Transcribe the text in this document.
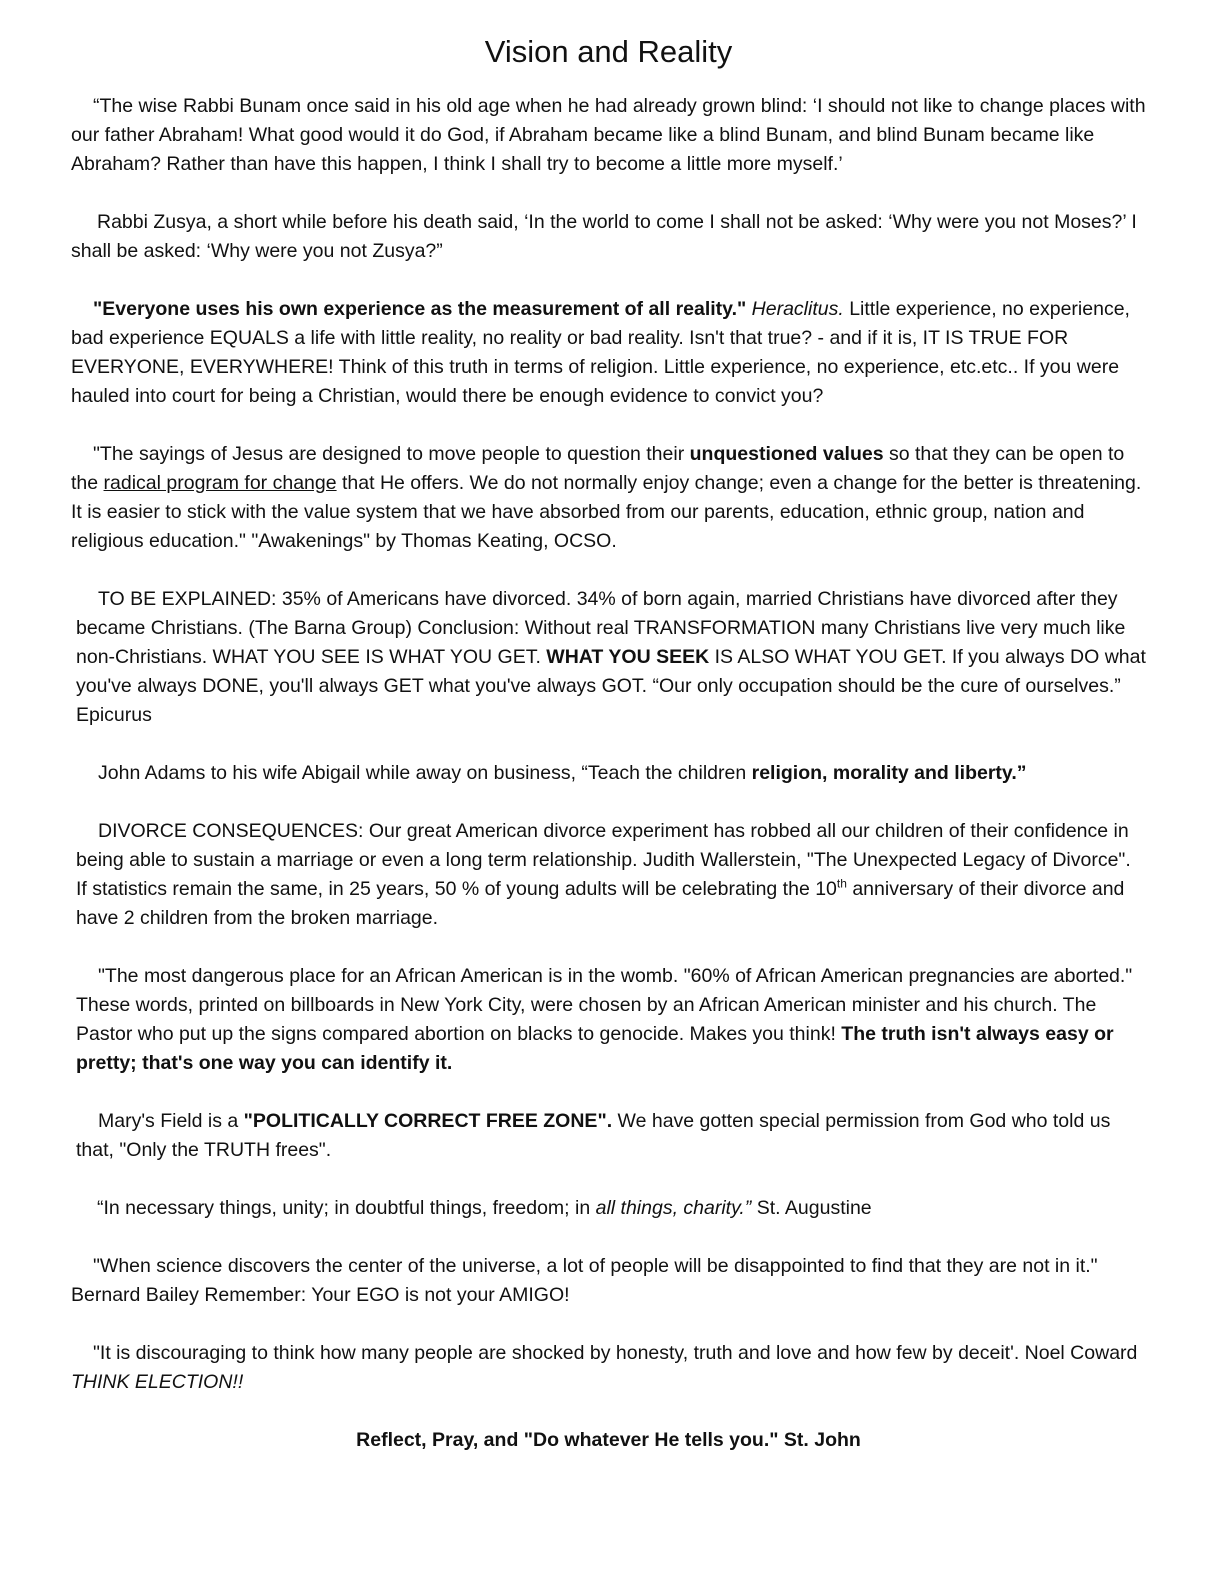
Vision and Reality

“The wise Rabbi Bunam once said in his old age when he had already grown blind: ‘I should not like to change places with our father Abraham! What good would it do God, if Abraham became like a blind Bunam, and blind Bunam became like Abraham? Rather than have this happen, I think I shall try to become a little more myself.’

Rabbi Zusya, a short while before his death said, ‘In the world to come I shall not be asked: ‘Why were you not Moses?’ I shall be asked: ‘Why were you not Zusya?”

"Everyone uses his own experience as the measurement of all reality." Heraclitus. Little experience, no experience, bad experience EQUALS a life with little reality, no reality or bad reality. Isn't that true? - and if it is, IT IS TRUE FOR EVERYONE, EVERYWHERE! Think of this truth in terms of religion. Little experience, no experience, etc.etc.. If you were hauled into court for being a Christian, would there be enough evidence to convict you?

"The sayings of Jesus are designed to move people to question their unquestioned values so that they can be open to the radical program for change that He offers. We do not normally enjoy change; even a change for the better is threatening. It is easier to stick with the value system that we have absorbed from our parents, education, ethnic group, nation and religious education." "Awakenings" by Thomas Keating, OCSO.

TO BE EXPLAINED: 35% of Americans have divorced. 34% of born again, married Christians have divorced after they became Christians. (The Barna Group) Conclusion: Without real TRANSFORMATION many Christians live very much like non-Christians. WHAT YOU SEE IS WHAT YOU GET. WHAT YOU SEEK IS ALSO WHAT YOU GET. If you always DO what you've always DONE, you'll always GET what you've always GOT. “Our only occupation should be the cure of ourselves.” Epicurus

John Adams to his wife Abigail while away on business, “Teach the children religion, morality and liberty.”

DIVORCE CONSEQUENCES: Our great American divorce experiment has robbed all our children of their confidence in being able to sustain a marriage or even a long term relationship. Judith Wallerstein, "The Unexpected Legacy of Divorce". If statistics remain the same, in 25 years, 50 % of young adults will be celebrating the 10th anniversary of their divorce and have 2 children from the broken marriage.

"The most dangerous place for an African American is in the womb. "60% of African American pregnancies are aborted." These words, printed on billboards in New York City, were chosen by an African American minister and his church. The Pastor who put up the signs compared abortion on blacks to genocide. Makes you think! The truth isn't always easy or pretty; that's one way you can identify it.

Mary's Field is a "POLITICALLY CORRECT FREE ZONE". We have gotten special permission from God who told us that, "Only the TRUTH frees".

“In necessary things, unity; in doubtful things, freedom; in all things, charity.” St. Augustine

"When science discovers the center of the universe, a lot of people will be disappointed to find that they are not in it." Bernard Bailey Remember: Your EGO is not your AMIGO!

"It is discouraging to think how many people are shocked by honesty, truth and love and how few by deceit'. Noel Coward THINK ELECTION!!

Reflect, Pray, and "Do whatever He tells you." St. John
